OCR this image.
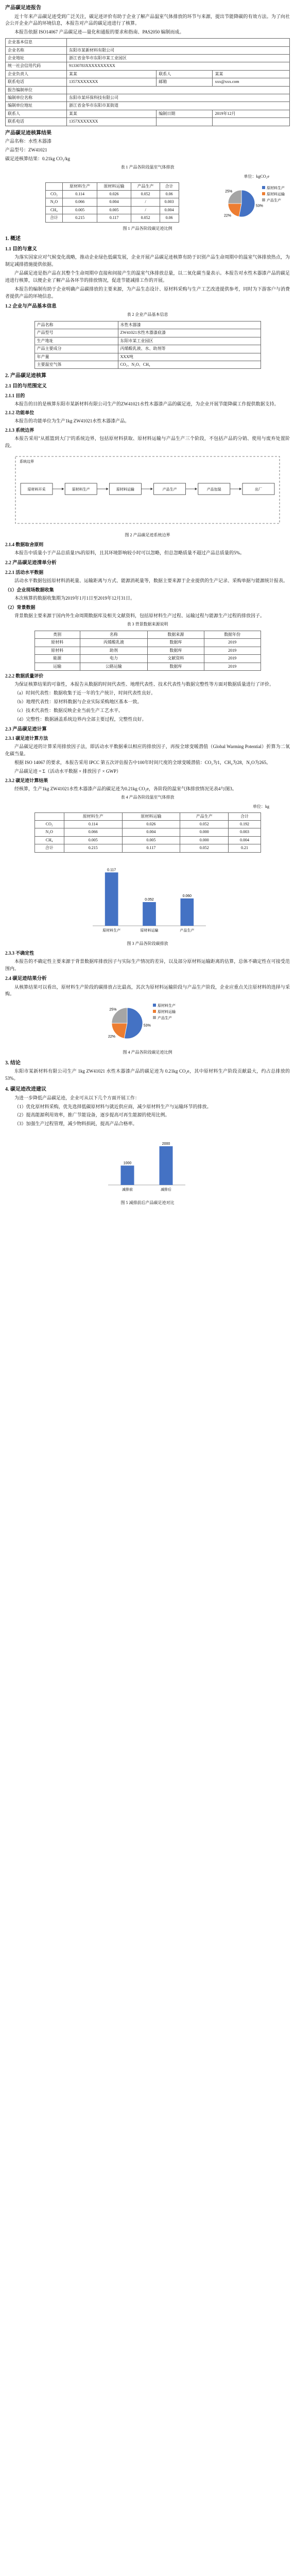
产品碳足迹报告

近十年来产品碳足迹受到广泛关注，碳足迹评价有助于企业了解产品温室气体排放的环节与来源，提出节能降碳的有效方法。为了向社会公开企业产品的环境信息，本报告对产品的碳足迹进行了核算。

本报告依据 ISO14067 产品碳足迹—量化和通报的要求和指南、PAS2050 编制而成。

企业基本信息			
企业名称	东阳市某新材料有限公司		
企业地址	浙江省金华市东阳市某工业园区		
统一社会信用代码	91330783XXXXXXXXXX		
企业负责人	某某	联系人	某某
联系电话	1357XXXXXXX	邮箱	xxx@xxx.com
报告编制单位			
编制单位名称	东阳市某环保科技有限公司		
编制单位地址	浙江省金华市东阳市某街道		
联系人	某某	编制日期	2019年12月
联系电话	1357XXXXXXX		
产品碳足迹核算结果

产品名称：水性木器漆

产品型号：ZW41021

碳足迹核算结果：0.21kg CO₂/kg

表 1 产品各阶段温室气体排放
单位：kgCO₂e
	原材料生产	原材料运输	产品生产	合计
CO₂	0.114	0.026	0.052	0.06
N₂O	0.066	0.004	/	0.003
CH₄	0.005	0.005	/	0.004
合计	0.215	0.117	0.052	0.06
53%
22%
25%
原材料生产
原材料运输
产品生产
图 1 产品各阶段碳足迹比例
1. 概述
1.1 目的与意义

为落实国家应对气候变化战略，推动企业绿色低碳发展，企业开展产品碳足迹核算有助于识别产品生命周期中的温室气体排放热点，为制定减排措施提供依据。

产品碳足迹是指产品在其整个生命周期中直接和间接产生的温室气体排放总量，以二氧化碳当量表示。本报告对水性木器漆产品的碳足迹进行核算，以便企业了解产品各环节的排放情况，促进节能减排工作的开展。

本报告的编制有助于企业明确产品碳排放的主要来源，为产品生态设计、原材料采购与生产工艺改进提供参考，同时为下游客户与消费者提供产品的环境信息。

1.2 企业与产品基本信息
表 2 企业产品基本信息
产品名称	水性木器漆
产品型号	ZW41021水性木器漆底漆
生产地址	东阳市某工业园区
产品主要成分	丙烯酸乳液、水、助剂等
年产量	XXX吨
主要温室气体	CO₂、N₂O、CH₄
2. 产品碳足迹核算
2.1 目的与范围定义
2.1.1 目的

本报告的目的是核算东阳市某新材料有限公司生产的ZW41021水性木器漆产品的碳足迹，为企业开展节能降碳工作提供数据支持。

2.1.2 功能单位

本报告的功能单位为生产1kg ZW41021水性木器漆产品。

2.1.3 系统边界

本报告采用"从摇篮到大门"的系统边界，包括原材料获取、原材料运输与产品生产三个阶段，不包括产品的分销、使用与废弃处置阶段。

系统边界
原材料开采	原材料生产	原材料运输	产品生产	产品包装	出厂
图 2 产品碳足迹系统边界
2.1.4 数据取舍原则

本报告中质量小于产品总质量1%的原料，且其环境影响较小时可以忽略，但总忽略质量不超过产品总质量的5%。

2.2 产品碳足迹清单分析
2.2.1 活动水平数据

活动水平数据包括原材料消耗量、运输距离与方式、能源消耗量等，数据主要来源于企业提供的生产记录、采购单据与能源统计报表。

（1）企业现场数据收集

本次核算的数据收集期为2019年1月1日至2019年12月31日。

（2）背景数据

背景数据主要来源于国内外生命周期数据库及相关文献资料，包括原材料生产过程、运输过程与能源生产过程的排放因子。

表 3 背景数据来源说明
类别	名称	数据来源	数据年份
原材料	丙烯酸乳液	数据库	2019
原材料	助剂	数据库	2019
能源	电力	文献资料	2019
运输	公路运输	数据库	2019
2.2.2 数据质量评价

为保证核算结果的可靠性，本报告从数据的时间代表性、地理代表性、技术代表性与数据完整性等方面对数据质量进行了评价。

（a）时间代表性：数据收集于近一年的生产统计，时间代表性良好。

（b）地理代表性：原材料数据与企业实际采购地区基本一致。

（c）技术代表性：数据反映企业当前生产工艺水平。

（d）完整性：数据涵盖系统边界内全部主要过程，完整性良好。

2.3 产品碳足迹计算
2.3.1 碳足迹计算方法

产品碳足迹的计算采用排放因子法，即活动水平数据乘以相应的排放因子，再按全球变暖潜值（Global Warming Potential）折算为二氧化碳当量。

根据 ISO 14067 的要求，本报告采用 IPCC 第五次评估报告中100年时间尺度的全球变暖潜值：CO₂为1，CH₄为28，N₂O为265。

产品碳足迹 = Σ（活动水平数据 × 排放因子 × GWP）

2.3.2 碳足迹计算结果

经核算，生产1kg ZW41021水性木器漆产品的碳足迹为0.21kg CO₂e，各阶段的温室气体排放情况见表4与图3。

表 4 产品各阶段温室气体排放
单位：kg
	原材料生产	原材料运输	产品生产	合计
CO₂	0.114	0.026	0.052	0.192
N₂O	0.066	0.004	0.000	0.003
CH₄	0.005	0.005	0.000	0.004
合计	0.215	0.117	0.052	0.21
0.117
原材料生产
0.052
原材料运输
0.060
产品生产
图 3 产品各阶段碳排放
2.3.3 不确定性

本报告的不确定性主要来源于背景数据库排放因子与实际生产情况的差异，以及部分原材料运输距离的估算，总体不确定性在可接受范围内。

2.4 碳足迹结果分析

从核算结果可以看出，原材料生产阶段的碳排放占比最高，其次为原材料运输阶段与产品生产阶段，企业应重点关注原材料的选择与采购。

53%
22%
25%
原材料生产
原材料运输
产品生产
图 4 产品各阶段碳足迹比例
3. 结论

东阳市某新材料有限公司生产 1kg ZW41021 水性木器漆产品的碳足迹为 0.21kg CO₂e，其中原材料生产阶段贡献最大，约占总排放的 53%。

4. 碳足迹改进建议

为进一步降低产品碳足迹，企业可从以下几个方面开展工作：

（1）优化原材料采购，优先选择低碳原材料与就近供应商，减少原材料生产与运输环节的排放。

（2）提高能源利用效率，推广节能设备，逐步提高可再生能源的使用比例。

（3）加强生产过程管理，减少物料损耗，提高产品合格率。

1000
减排前
2000
减排后
图 5 减排前后产品碳足迹对比
